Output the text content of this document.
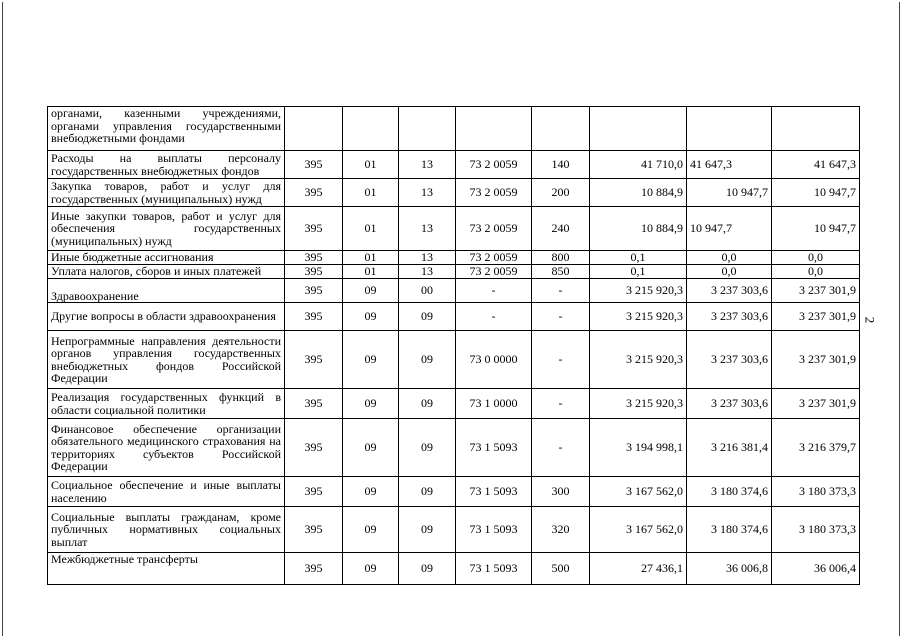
органами, казенными учреждениями, органами управления государственными внебюджетными фондами								
Расходы на выплаты персоналу государственных внебюджетных фондов	395	01	13	73 2 0059	140	41 710,0	41 647,3	41 647,3
Закупка товаров, работ и услуг для государственных (муниципальных) нужд	395	01	13	73 2 0059	200	10 884,9	10 947,7	10 947,7
Иные закупки товаров, работ и услуг для обеспечения государственных (муниципальных) нужд	395	01	13	73 2 0059	240	10 884,9	10 947,7	10 947,7
Иные бюджетные ассигнования	395	01	13	73 2 0059	800	0,1	0,0	0,0
Уплата налогов, сборов и иных платежей	395	01	13	73 2 0059	850	0,1	0,0	0,0
Здравоохранение	395	09	00	-	-	3 215 920,3	3 237 303,6	3 237 301,9
Другие вопросы в области здравоохранения	395	09	09	-	-	3 215 920,3	3 237 303,6	3 237 301,9
Непрограммные направления деятельности органов управления государственных внебюджетных фондов Российской Федерации	395	09	09	73 0 0000	-	3 215 920,3	3 237 303,6	3 237 301,9
Реализация государственных функций в области социальной политики	395	09	09	73 1 0000	-	3 215 920,3	3 237 303,6	3 237 301,9
Финансовое обеспечение организации обязательного медицинского страхования на территориях субъектов Российской Федерации	395	09	09	73 1 5093	-	3 194 998,1	3 216 381,4	3 216 379,7
Социальное обеспечение и иные выплаты населению	395	09	09	73 1 5093	300	3 167 562,0	3 180 374,6	3 180 373,3
Социальные выплаты гражданам, кроме публичных нормативных социальных выплат	395	09	09	73 1 5093	320	3 167 562,0	3 180 374,6	3 180 373,3
Межбюджетные трансферты	395	09	09	73 1 5093	500	27 436,1	36 006,8	36 006,4
2
